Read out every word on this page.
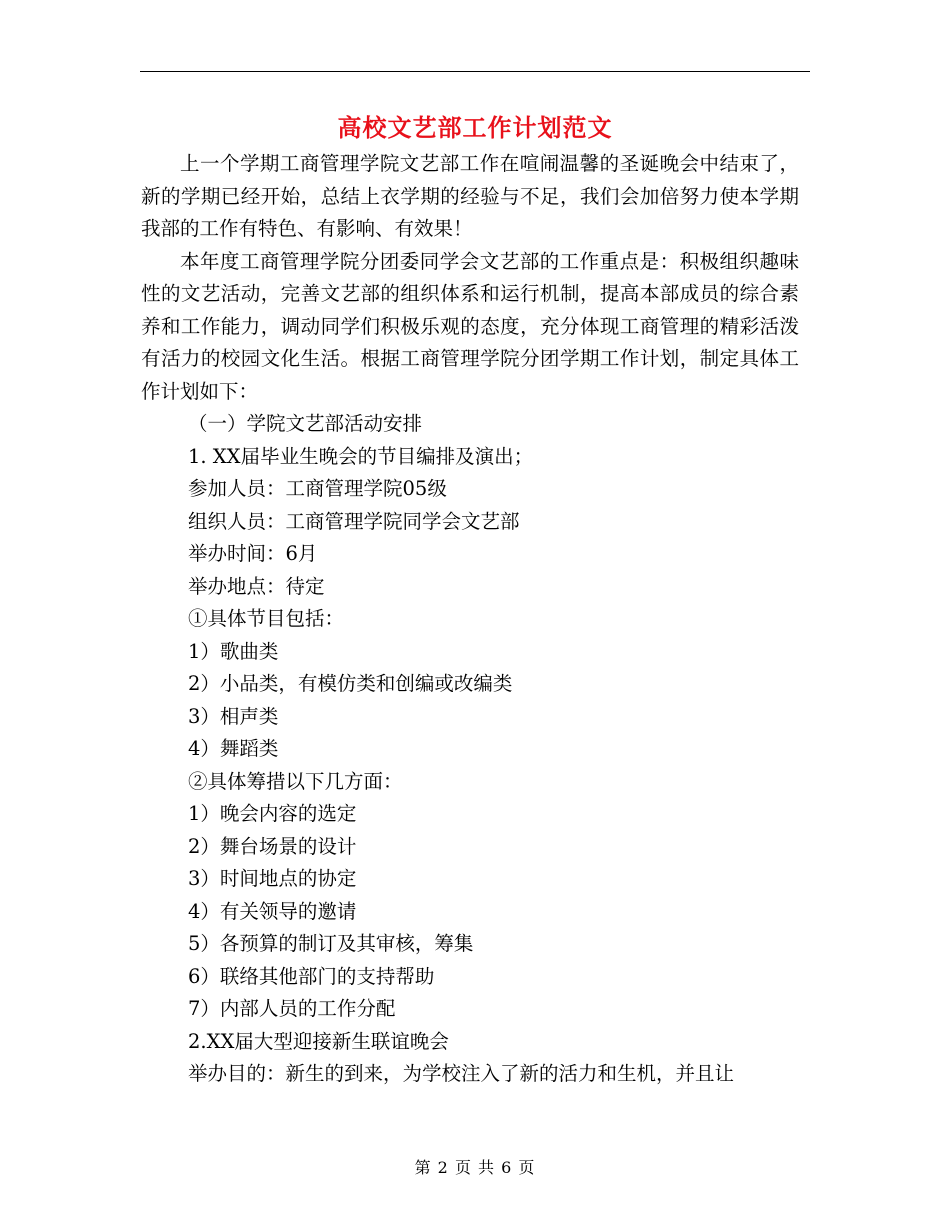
高校文艺部工作计划范文

上一个学期工商管理学院文艺部工作在喧闹温馨的圣诞晚会中结束了，新的学期已经开始，总结上衣学期的经验与不足，我们会加倍努力使本学期我部的工作有特色、有影响、有效果！

本年度工商管理学院分团委同学会文艺部的工作重点是：积极组织趣味性的文艺活动，完善文艺部的组织体系和运行机制，提高本部成员的综合素养和工作能力，调动同学们积极乐观的态度，充分体现工商管理的精彩活泼有活力的校园文化生活。根据工商管理学院分团学期工作计划，制定具体工作计划如下：

（一）学院文艺部活动安排

1. XX届毕业生晚会的节目编排及演出；

参加人员：工商管理学院05级

组织人员：工商管理学院同学会文艺部

举办时间：6月

举办地点：待定

①具体节目包括：

1）歌曲类

2）小品类，有模仿类和创编或改编类

3）相声类

4）舞蹈类

②具体筹措以下几方面：

1）晚会内容的选定

2）舞台场景的设计

3）时间地点的协定

4）有关领导的邀请

5）各预算的制订及其审核，筹集

6）联络其他部门的支持帮助

7）内部人员的工作分配

2.XX届大型迎接新生联谊晚会

举办目的：新生的到来，为学校注入了新的活力和生机，并且让

第 2 页 共 6 页
